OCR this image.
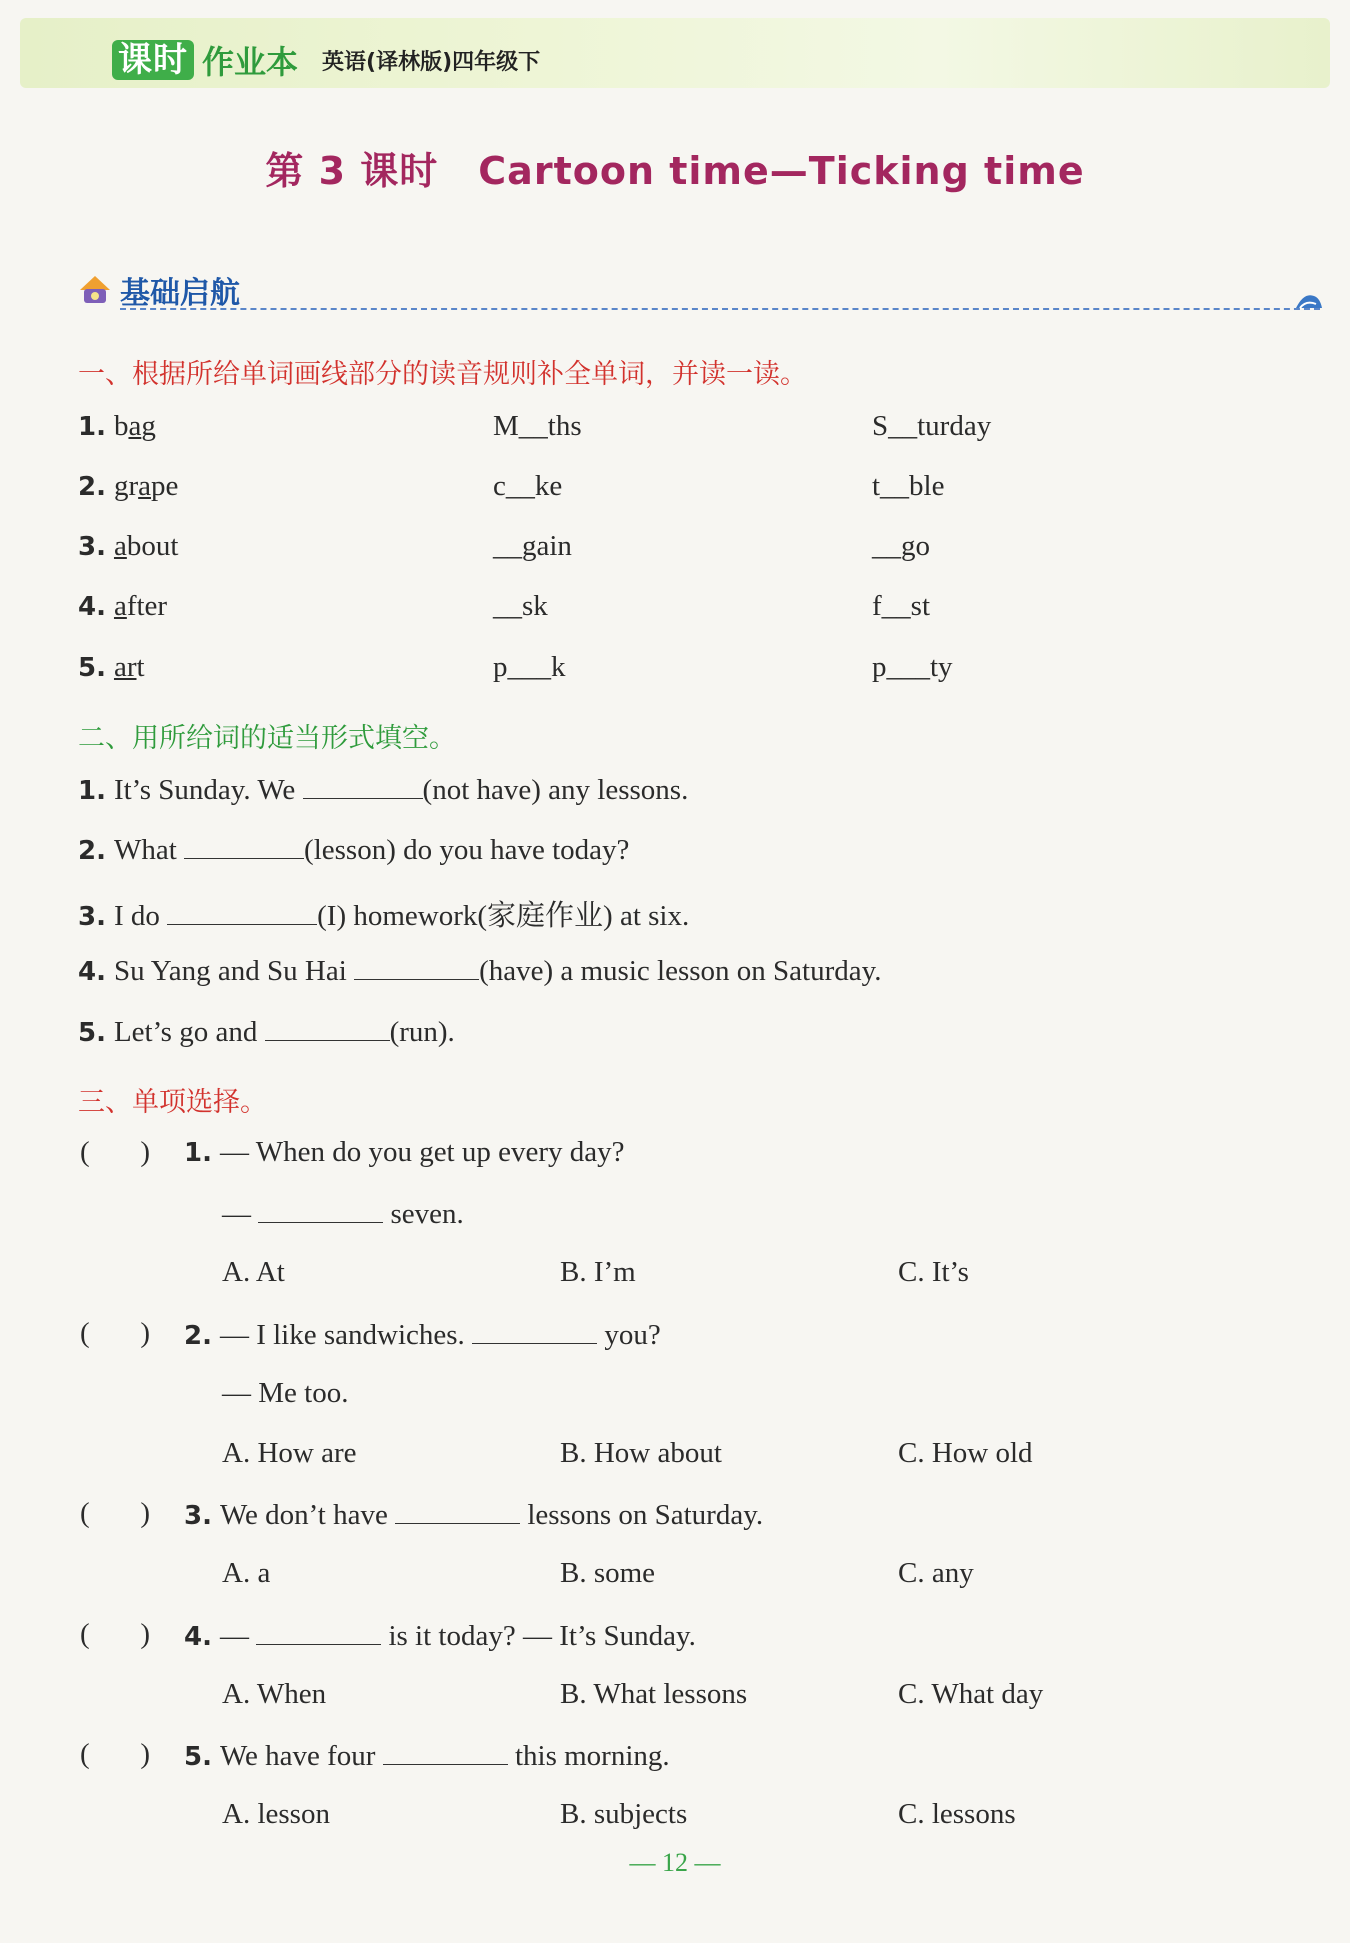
课时 作业本 英语(译林版)四年级下
第 3 课时 Cartoon time—Ticking time
基础启航
一、根据所给单词画线部分的读音规则补全单词，并读一读。
1. bag	M__ths	S__turday
2. grape	c__ke	t__ble
3. about	__gain	__go
4. after	__sk	f__st
5. art	p___k	p___ty
二、用所给词的适当形式填空。
1. It’s Sunday. We	(not have) any lessons.
2. What	(lesson) do you have today?
3. I do	(I) homework(家庭作业) at six.
4. Su Yang and Su Hai	(have) a music lesson on Saturday.
5. Let’s go and	(run).
三、单项选择。
(       ) 1. — When do you get up every day?
—	seven.
A. At	B. I’m	C. It’s
(       ) 2. — I like sandwiches.	you?
— Me too.
A. How are	B. How about	C. How old
(       ) 3. We don’t have	lessons on Saturday.
A. a	B. some	C. any
(       ) 4. —	is it today? — It’s Sunday.
A. When	B. What lessons	C. What day
(       ) 5. We have four	this morning.
A. lesson	B. subjects	C. lessons
— 12 —
